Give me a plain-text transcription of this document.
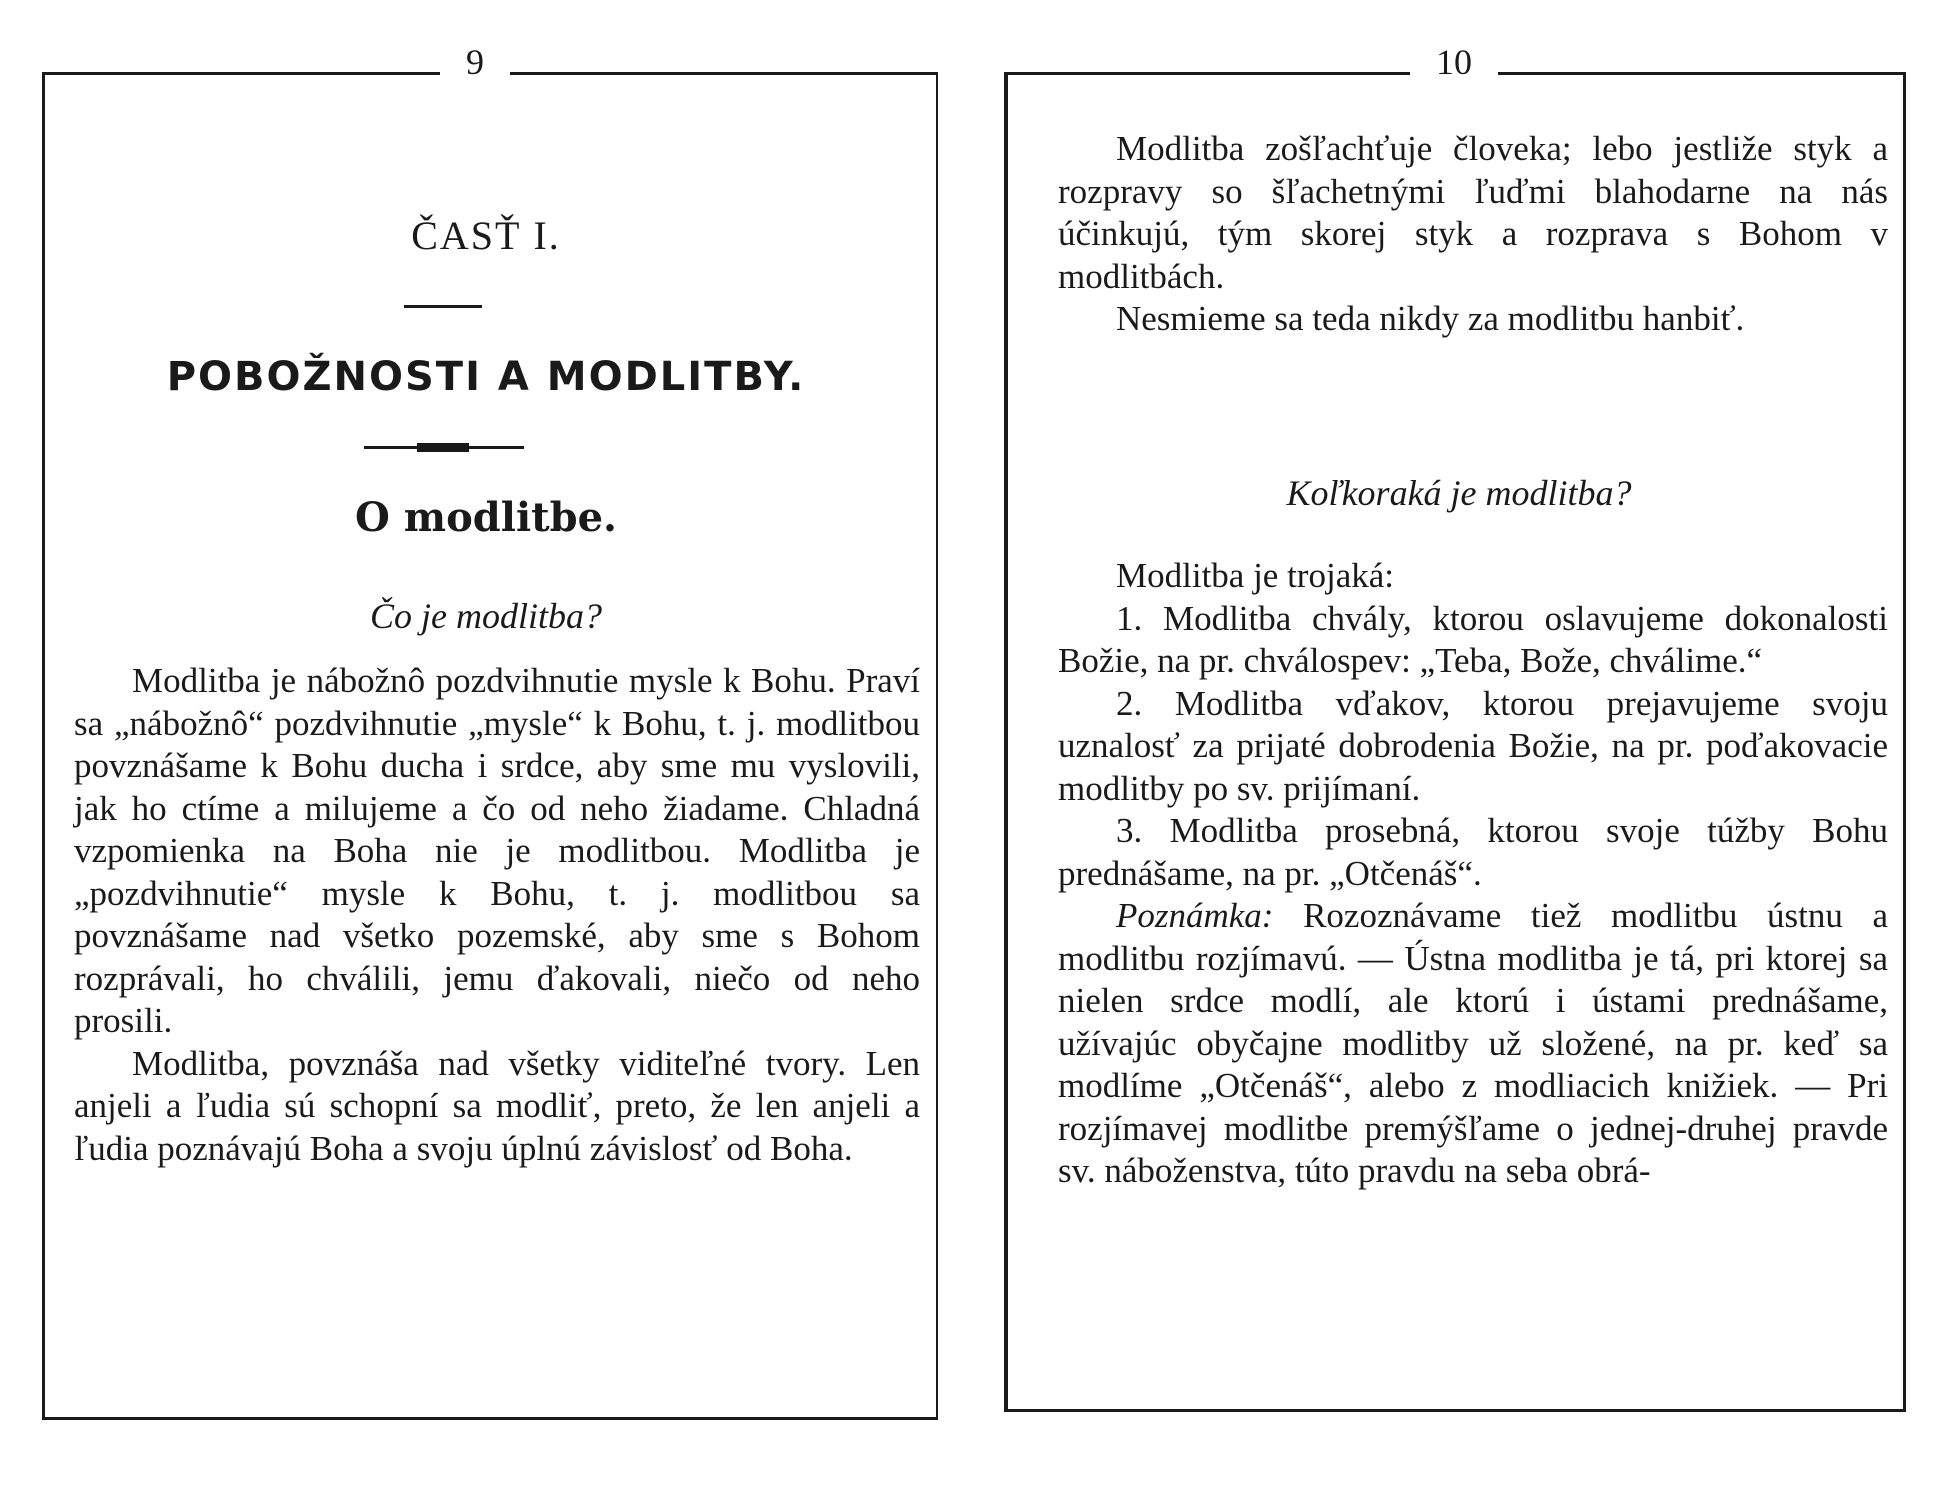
9
ČASŤ I.
POBOŽNOSTI A MODLITBY.
O modlitbe.
Čo je modlitba?

Modlitba je nábožnô pozdvihnutie mysle k Bohu. Praví sa „nábožnô“ pozdvihnutie „mysle“ k Bohu, t. j. modlitbou povznášame k Bohu ducha i srdce, aby sme mu vyslovili, jak ho ctíme a milujeme a čo od neho žiadame. Chladná vzpomienka na Boha nie je modlitbou. Modlitba je „pozdvihnutie“ mysle k Bohu, t. j. modlitbou sa povznášame nad všetko pozemské, aby sme s Bohom rozprávali, ho chválili, jemu ďakovali, niečo od neho prosili.

Modlitba, povznáša nad všetky viditeľné tvory. Len anjeli a ľudia sú schopní sa modliť, preto, že len anjeli a ľudia poznávajú Boha a svoju úplnú závislosť od Boha.

10

Modlitba zošľachťuje človeka; lebo jestliže styk a rozpravy so šľachetnými ľuďmi blahodarne na nás účinkujú, tým skorej styk a rozprava s Bohom v modlitbách.

Nesmieme sa teda nikdy za modlitbu hanbiť.

Koľkoraká je modlitba?

Modlitba je trojaká:

1. Modlitba chvály, ktorou oslavujeme dokonalosti Božie, na pr. chválospev: „Teba, Bože, chválime.“

2. Modlitba vďakov, ktorou prejavujeme svoju uznalosť za prijaté dobrodenia Božie, na pr. poďakovacie modlitby po sv. prijímaní.

3. Modlitba prosebná, ktorou svoje túžby Bohu prednášame, na pr. „Otčenáš“.

Poznámka: Rozoznávame tiež modlitbu ústnu a modlitbu rozjímavú. — Ústna modlitba je tá, pri ktorej sa nielen srdce modlí, ale ktorú i ústami prednášame, užívajúc obyčajne modlitby už složené, na pr. keď sa modlíme „Otčenáš“, alebo z modliacich knižiek. — Pri rozjímavej modlitbe premýšľame o jednej-druhej pravde sv. náboženstva, túto pravdu na seba obrá-
